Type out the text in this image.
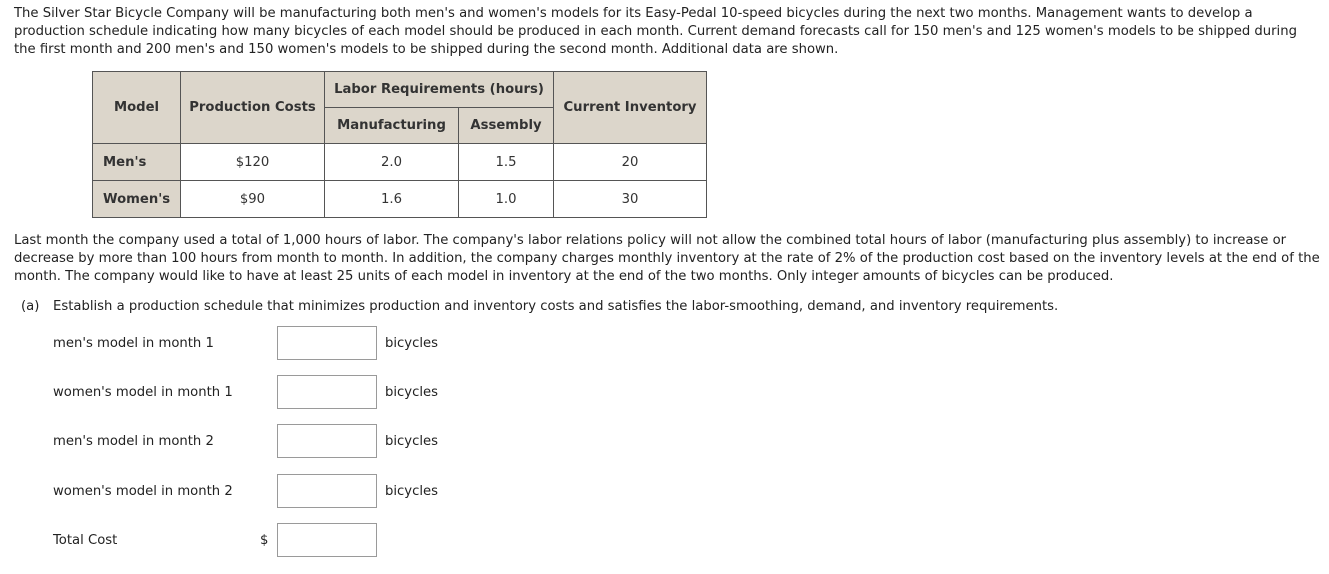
The Silver Star Bicycle Company will be manufacturing both men's and women's models for its Easy-Pedal 10-speed bicycles during the next two months. Management wants to develop a production schedule indicating how many bicycles of each model should be produced in each month. Current demand forecasts call for 150 men's and 125 women's models to be shipped during the first month and 200 men's and 150 women's models to be shipped during the second month. Additional data are shown.

Model	Production Costs	Labor Requirements (hours)		Current Inventory
		Manufacturing	Assembly	
Men's	$120	2.0	1.5	20
Women's	$90	1.6	1.0	30

Last month the company used a total of 1,000 hours of labor. The company's labor relations policy will not allow the combined total hours of labor (manufacturing plus assembly) to increase or decrease by more than 100 hours from month to month. In addition, the company charges monthly inventory at the rate of 2% of the production cost based on the inventory levels at the end of the month. The company would like to have at least 25 units of each model in inventory at the end of the two months. Only integer amounts of bicycles can be produced.

(a) Establish a production schedule that minimizes production and inventory costs and satisfies the labor-smoothing, demand, and inventory requirements.
men's model in month 1	bicycles
women's model in month 1	bicycles
men's model in month 2	bicycles
women's model in month 2	bicycles
Total Cost	$
